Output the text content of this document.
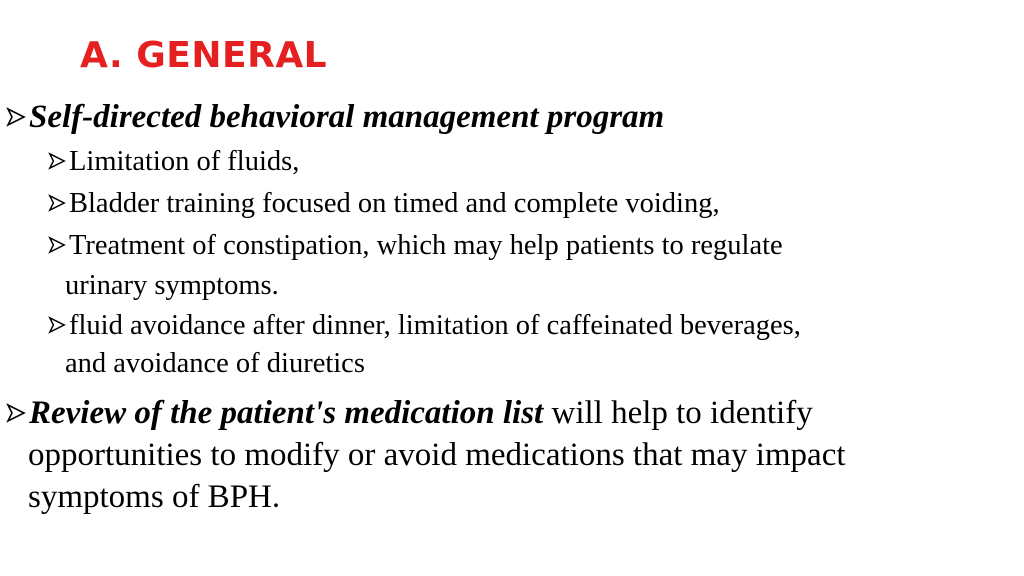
A. GENERAL
Self-directed behavioral management program
Limitation of fluids,
Bladder training focused on timed and complete voiding,
Treatment of constipation, which may help patients to regulate
urinary symptoms.
fluid avoidance after dinner, limitation of caffeinated beverages,
and avoidance of diuretics
Review of the patient's medication list will help to identify
opportunities to modify or avoid medications that may impact
symptoms of BPH.
